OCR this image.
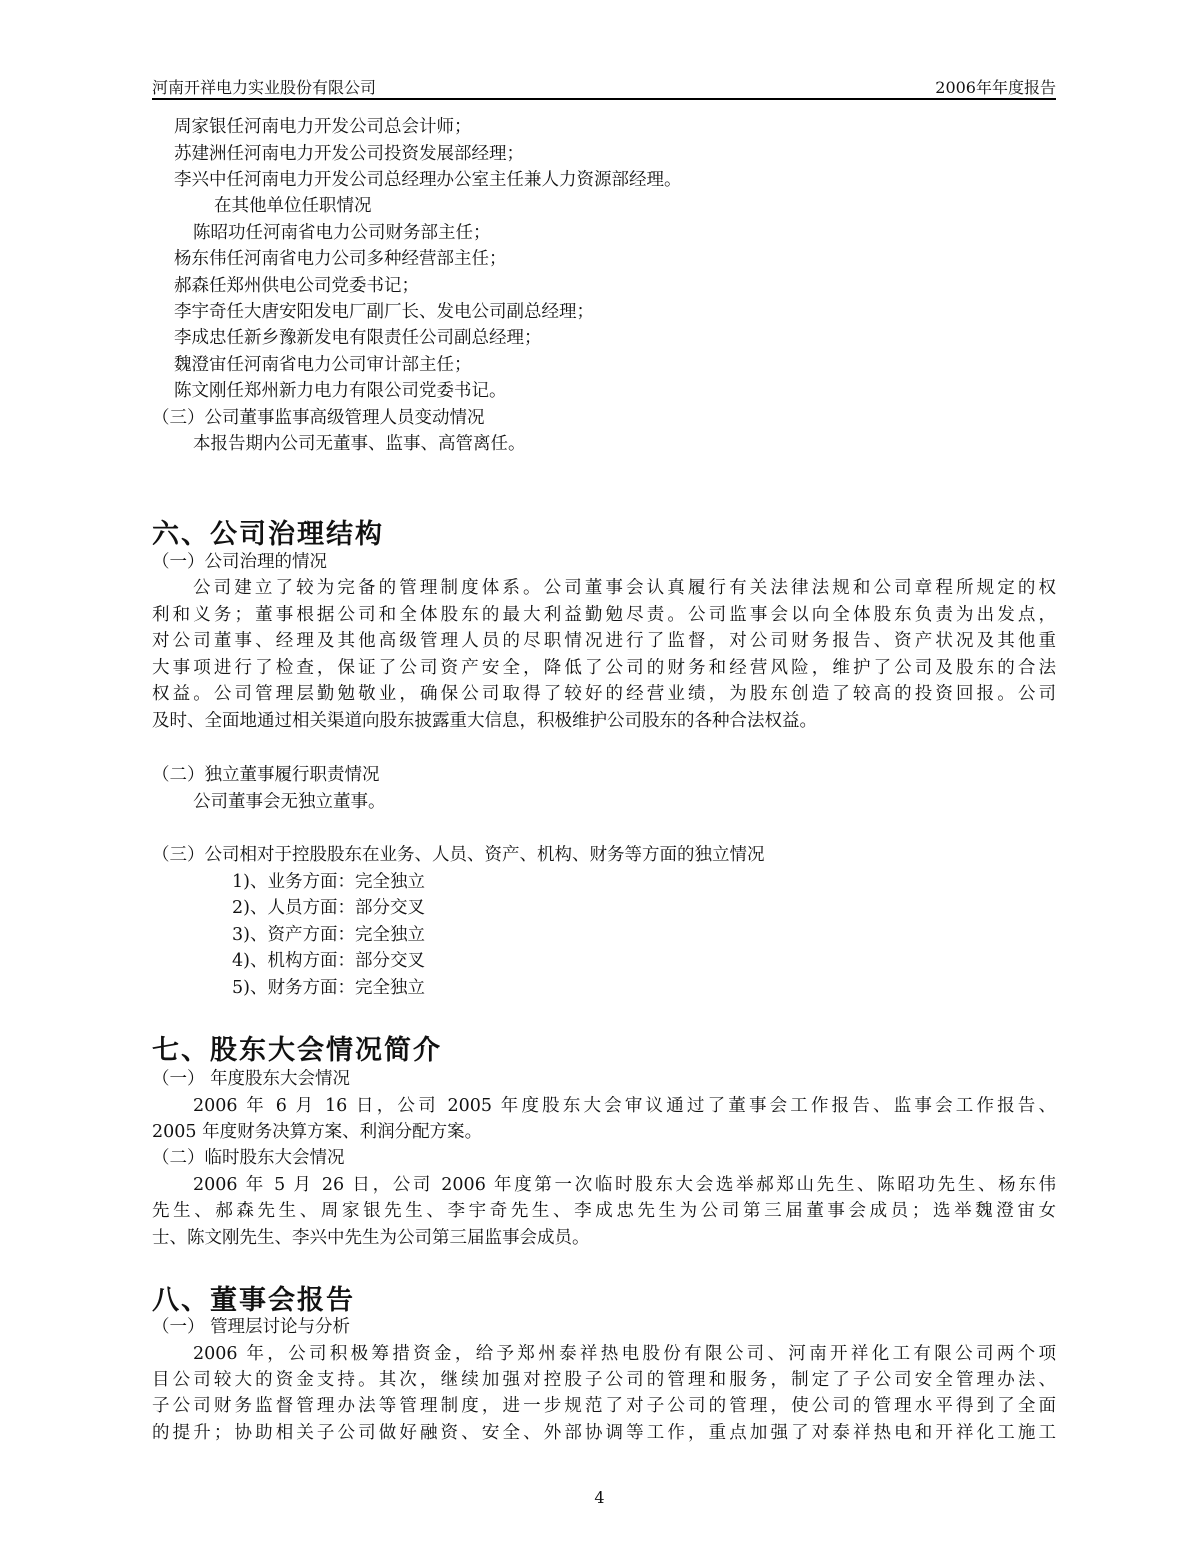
河南开祥电力实业股份有限公司	2006年年度报告
周家银任河南电力开发公司总会计师；
苏建洲任河南电力开发公司投资发展部经理；
李兴中任河南电力开发公司总经理办公室主任兼人力资源部经理。
在其他单位任职情况
陈昭功任河南省电力公司财务部主任；
杨东伟任河南省电力公司多种经营部主任；
郝森任郑州供电公司党委书记；
李宇奇任大唐安阳发电厂副厂长、发电公司副总经理；
李成忠任新乡豫新发电有限责任公司副总经理；
魏澄宙任河南省电力公司审计部主任；
陈文刚任郑州新力电力有限公司党委书记。
（三）公司董事监事高级管理人员变动情况
本报告期内公司无董事、监事、高管离任。
六、公司治理结构
（一）公司治理的情况
公司建立了较为完备的管理制度体系。公司董事会认真履行有关法律法规和公司章程所规定的权
利和义务；董事根据公司和全体股东的最大利益勤勉尽责。公司监事会以向全体股东负责为出发点，
对公司董事、经理及其他高级管理人员的尽职情况进行了监督，对公司财务报告、资产状况及其他重
大事项进行了检查，保证了公司资产安全，降低了公司的财务和经营风险，维护了公司及股东的合法
权益。公司管理层勤勉敬业，确保公司取得了较好的经营业绩，为股东创造了较高的投资回报。公司
及时、全面地通过相关渠道向股东披露重大信息，积极维护公司股东的各种合法权益。
（二）独立董事履行职责情况
公司董事会无独立董事。
（三）公司相对于控股股东在业务、人员、资产、机构、财务等方面的独立情况
1)、业务方面：完全独立
2)、人员方面：部分交叉
3)、资产方面：完全独立
4)、机构方面：部分交叉
5)、财务方面：完全独立
七、股东大会情况简介
（一） 年度股东大会情况
2006 年 6 月 16 日，公司 2005 年度股东大会审议通过了董事会工作报告、监事会工作报告、
2005 年度财务决算方案、利润分配方案。
（二）临时股东大会情况
2006 年 5 月 26 日，公司 2006 年度第一次临时股东大会选举郝郑山先生、陈昭功先生、杨东伟
先生、郝森先生、周家银先生、李宇奇先生、李成忠先生为公司第三届董事会成员；选举魏澄宙女
士、陈文刚先生、李兴中先生为公司第三届监事会成员。
八、董事会报告
（一） 管理层讨论与分析
2006 年，公司积极筹措资金，给予郑州泰祥热电股份有限公司、河南开祥化工有限公司两个项
目公司较大的资金支持。其次，继续加强对控股子公司的管理和服务，制定了子公司安全管理办法、
子公司财务监督管理办法等管理制度，进一步规范了对子公司的管理，使公司的管理水平得到了全面
的提升；协助相关子公司做好融资、安全、外部协调等工作，重点加强了对泰祥热电和开祥化工施工
4
